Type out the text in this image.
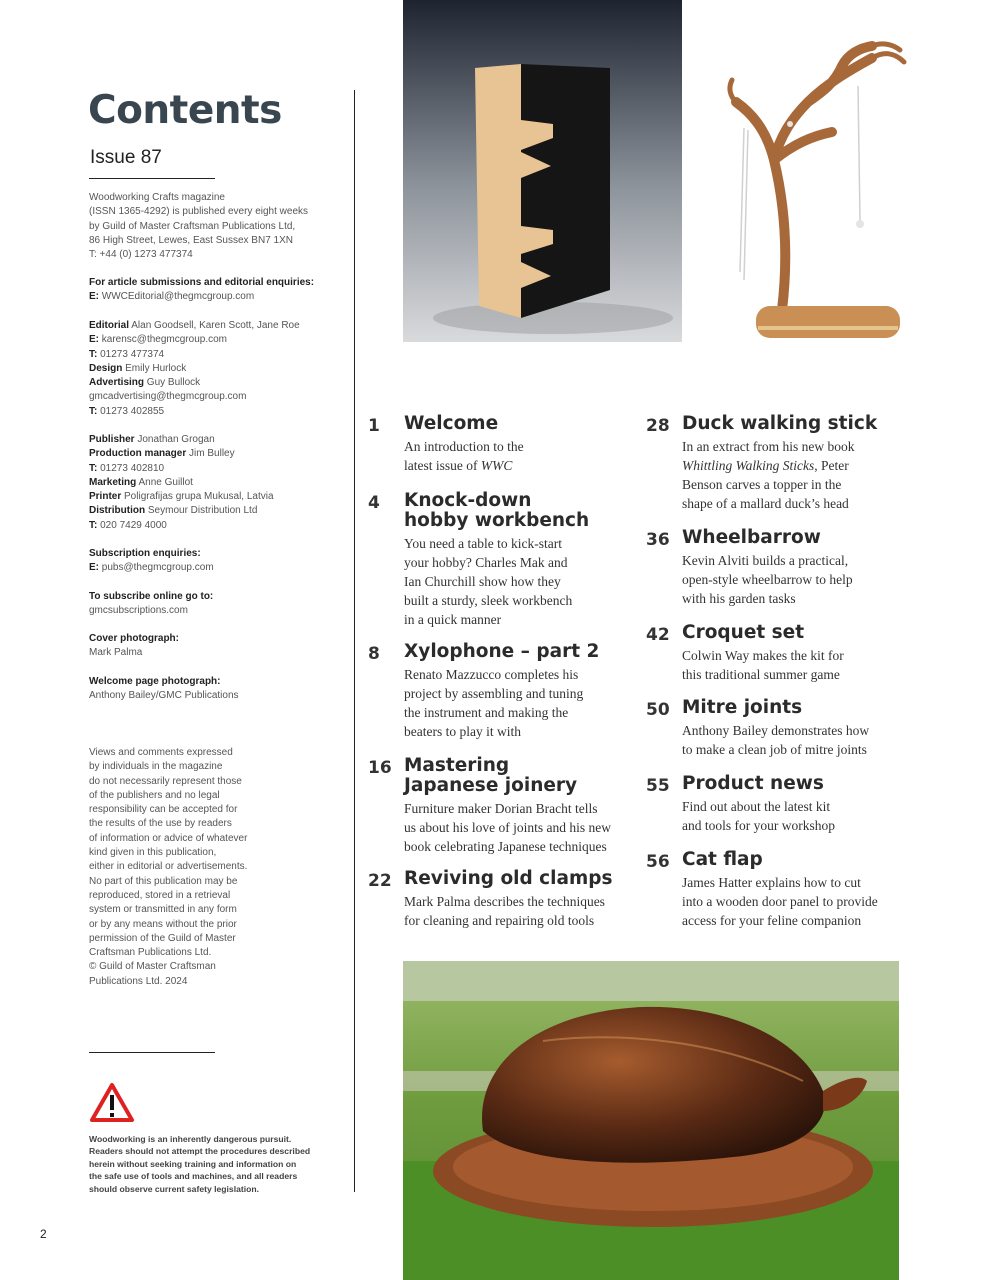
Contents
Issue 87
Woodworking Crafts magazine
(ISSN 1365-4292) is published every eight weeks
by Guild of Master Craftsman Publications Ltd,
86 High Street, Lewes, East Sussex BN7 1XN
T: +44 (0) 1273 477374
For article submissions and editorial enquiries:
E: WWCEditorial@thegmcgroup.com
Editorial Alan Goodsell, Karen Scott, Jane Roe
E: karensc@thegmcgroup.com
T: 01273 477374
Design Emily Hurlock
Advertising Guy Bullock
gmcadvertising@thegmcgroup.com
T: 01273 402855
Publisher Jonathan Grogan
Production manager Jim Bulley
T: 01273 402810
Marketing Anne Guillot
Printer Poligrafijas grupa Mukusal, Latvia
Distribution Seymour Distribution Ltd
T: 020 7429 4000
Subscription enquiries:
E: pubs@thegmcgroup.com
To subscribe online go to:
gmcsubscriptions.com
Cover photograph:
Mark Palma
Welcome page photograph:
Anthony Bailey/GMC Publications
Views and comments expressed
by individuals in the magazine
do not necessarily represent those
of the publishers and no legal
responsibility can be accepted for
the results of the use by readers
of information or advice of whatever
kind given in this publication,
either in editorial or advertisements.
No part of this publication may be
reproduced, stored in a retrieval
system or transmitted in any form
or by any means without the prior
permission of the Guild of Master
Craftsman Publications Ltd.
© Guild of Master Craftsman
Publications Ltd. 2024
Woodworking is an inherently dangerous pursuit.
Readers should not attempt the procedures described
herein without seeking training and information on
the safe use of tools and machines, and all readers
should observe current safety legislation.
1 Welcome
An introduction to the
latest issue of WWC
4 Knock-down
hobby workbench
You need a table to kick-start
your hobby? Charles Mak and
Ian Churchill show how they
built a sturdy, sleek workbench
in a quick manner
8 Xylophone – part 2
Renato Mazzucco completes his
project by assembling and tuning
the instrument and making the
beaters to play it with
16 Mastering
Japanese joinery
Furniture maker Dorian Bracht tells
us about his love of joints and his new
book celebrating Japanese techniques
22 Reviving old clamps
Mark Palma describes the techniques
for cleaning and repairing old tools
28 Duck walking stick
In an extract from his new book
Whittling Walking Sticks, Peter
Benson carves a topper in the
shape of a mallard duck’s head
36 Wheelbarrow
Kevin Alviti builds a practical,
open-style wheelbarrow to help
with his garden tasks
42 Croquet set
Colwin Way makes the kit for
this traditional summer game
50 Mitre joints
Anthony Bailey demonstrates how
to make a clean job of mitre joints
55 Product news
Find out about the latest kit
and tools for your workshop
56 Cat flap
James Hatter explains how to cut
into a wooden door panel to provide
access for your feline companion
2
